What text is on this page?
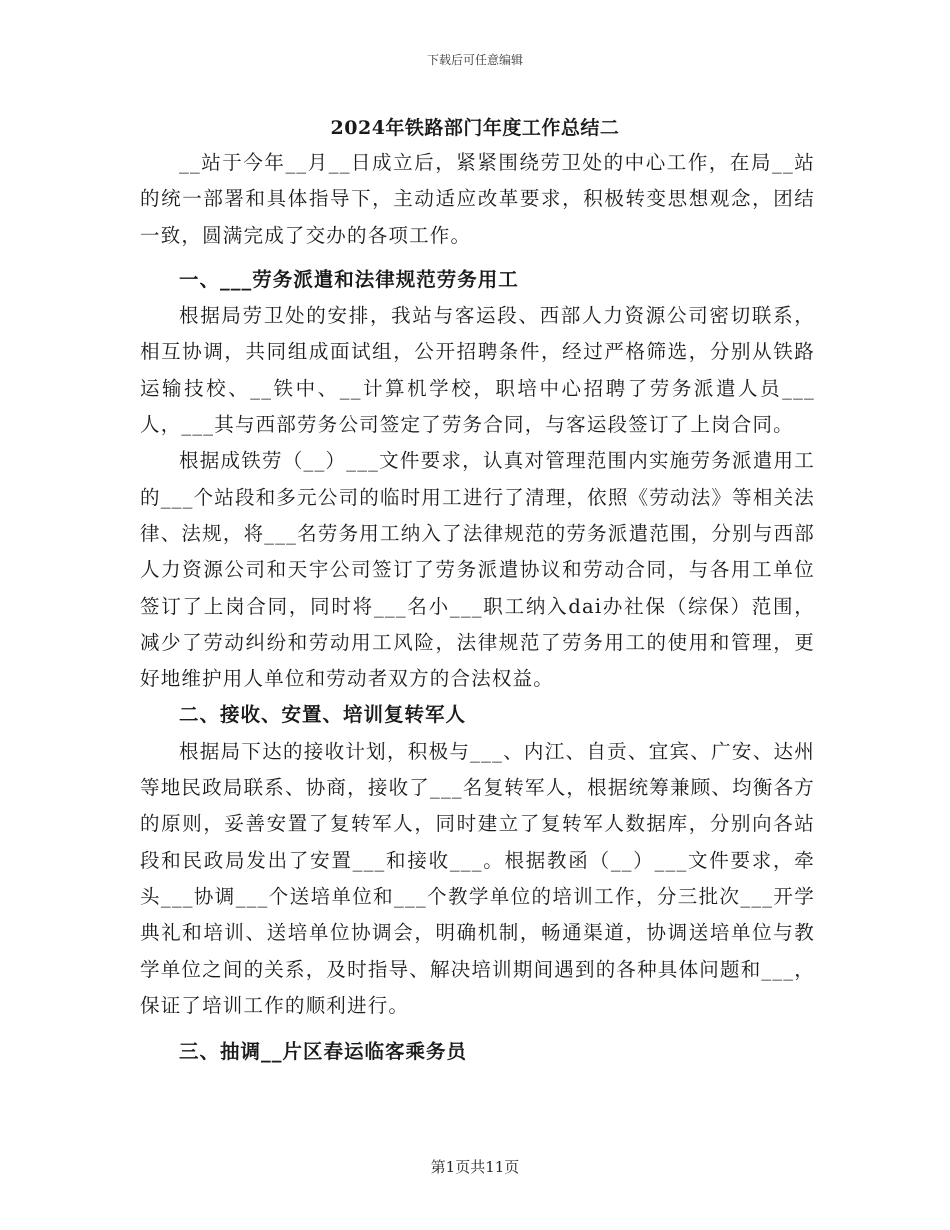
下载后可任意编辑
2024年铁路部门年度工作总结二

__站于今年__月__日成立后，紧紧围绕劳卫处的中心工作，在局__站的统一部署和具体指导下，主动适应改革要求，积极转变思想观念，团结一致，圆满完成了交办的各项工作。

一、___劳务派遣和法律规范劳务用工

根据局劳卫处的安排，我站与客运段、西部人力资源公司密切联系，相互协调，共同组成面试组，公开招聘条件，经过严格筛选，分别从铁路运输技校、__铁中、__计算机学校，职培中心招聘了劳务派遣人员___人，___其与西部劳务公司签定了劳务合同，与客运段签订了上岗合同。

根据成铁劳（__）___文件要求，认真对管理范围内实施劳务派遣用工的___个站段和多元公司的临时用工进行了清理，依照《劳动法》等相关法律、法规，将___名劳务用工纳入了法律规范的劳务派遣范围，分别与西部人力资源公司和天宇公司签订了劳务派遣协议和劳动合同，与各用工单位签订了上岗合同，同时将___名小___职工纳入dai办社保（综保）范围，减少了劳动纠纷和劳动用工风险，法律规范了劳务用工的使用和管理，更好地维护用人单位和劳动者双方的合法权益。

二、接收、安置、培训复转军人

根据局下达的接收计划，积极与___、内江、自贡、宜宾、广安、达州等地民政局联系、协商，接收了___名复转军人，根据统筹兼顾、均衡各方的原则，妥善安置了复转军人，同时建立了复转军人数据库，分别向各站段和民政局发出了安置___和接收___。根据教函（__）___文件要求，牵头___协调___个送培单位和___个教学单位的培训工作，分三批次___开学典礼和培训、送培单位协调会，明确机制，畅通渠道，协调送培单位与教学单位之间的关系，及时指导、解决培训期间遇到的各种具体问题和___，保证了培训工作的顺利进行。

三、抽调__片区春运临客乘务员

第1页共11页
